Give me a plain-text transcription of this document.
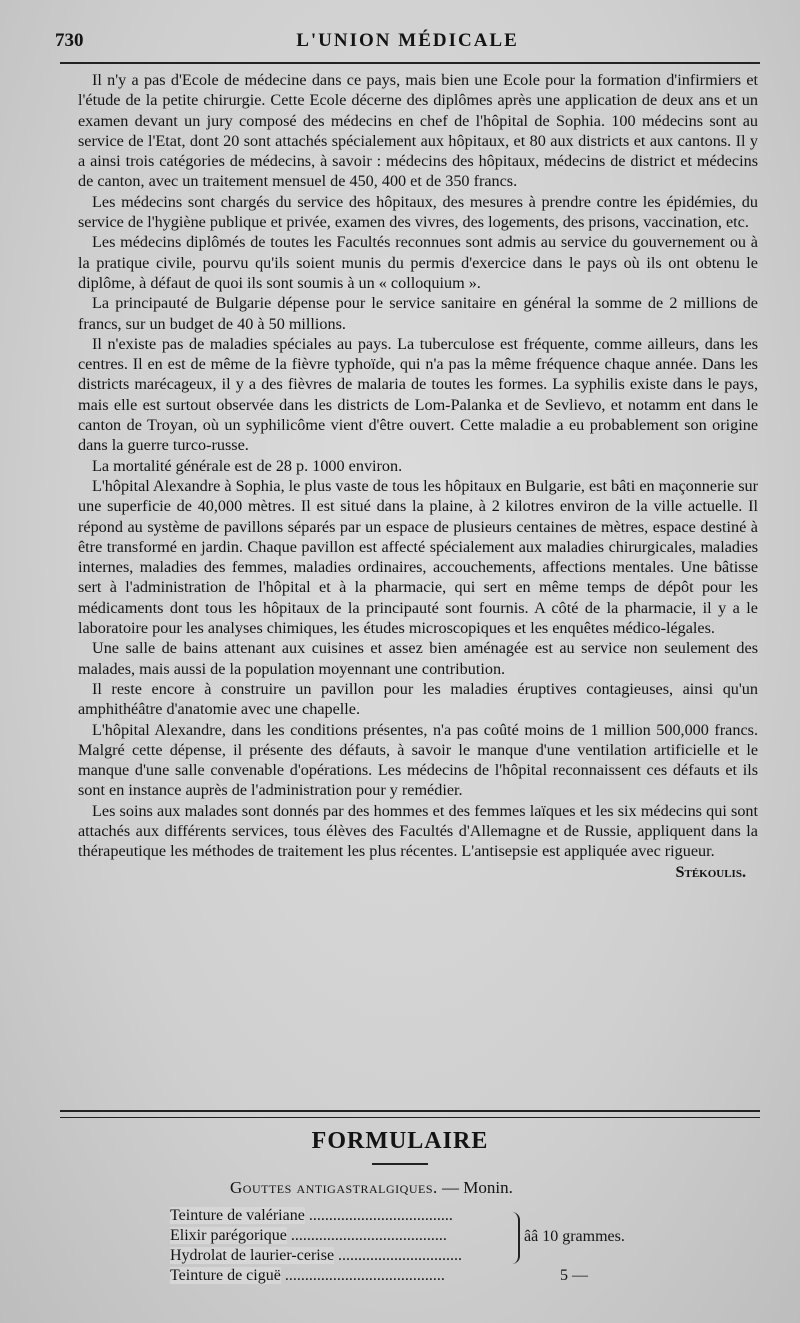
L'UNION MÉDICALE
730

Il n'y a pas d'Ecole de médecine dans ce pays, mais bien une Ecole pour la formation d'infirmiers et l'étude de la petite chirurgie. Cette Ecole décerne des diplômes après une application de deux ans et un examen devant un jury composé des médecins en chef de l'hôpital de Sophia. 100 médecins sont au service de l'Etat, dont 20 sont attachés spécialement aux hôpitaux, et 80 aux districts et aux cantons. Il y a ainsi trois catégories de médecins, à savoir : médecins des hôpitaux, médecins de district et médecins de canton, avec un traitement mensuel de 450, 400 et de 350 francs.

Les médecins sont chargés du service des hôpitaux, des mesures à prendre contre les épidémies, du service de l'hygiène publique et privée, examen des vivres, des logements, des prisons, vaccination, etc.

Les médecins diplômés de toutes les Facultés reconnues sont admis au service du gouvernement ou à la pratique civile, pourvu qu'ils soient munis du permis d'exercice dans le pays où ils ont obtenu le diplôme, à défaut de quoi ils sont soumis à un « colloquium ».

La principauté de Bulgarie dépense pour le service sanitaire en général la somme de 2 millions de francs, sur un budget de 40 à 50 millions.

Il n'existe pas de maladies spéciales au pays. La tuberculose est fréquente, comme ailleurs, dans les centres. Il en est de même de la fièvre typhoïde, qui n'a pas la même fréquence chaque année. Dans les districts marécageux, il y a des fièvres de malaria de toutes les formes. La syphilis existe dans le pays, mais elle est surtout observée dans les districts de Lom-Palanka et de Sevlievo, et notamm ent dans le canton de Troyan, où un syphilicôme vient d'être ouvert. Cette maladie a eu probablement son origine dans la guerre turco-russe.

La mortalité générale est de 28 p. 1000 environ.

L'hôpital Alexandre à Sophia, le plus vaste de tous les hôpitaux en Bulgarie, est bâti en maçonnerie sur une superficie de 40,000 mètres. Il est situé dans la plaine, à 2 kilotres environ de la ville actuelle. Il répond au système de pavillons séparés par un espace de plusieurs centaines de mètres, espace destiné à être transformé en jardin. Chaque pavillon est affecté spécialement aux maladies chirurgicales, maladies internes, maladies des femmes, maladies ordinaires, accouchements, affections mentales. Une bâtisse sert à l'administration de l'hôpital et à la pharmacie, qui sert en même temps de dépôt pour les médicaments dont tous les hôpitaux de la principauté sont fournis. A côté de la pharmacie, il y a le laboratoire pour les analyses chimiques, les études microscopiques et les enquêtes médico-légales.

Une salle de bains attenant aux cuisines et assez bien aménagée est au service non seulement des malades, mais aussi de la population moyennant une contribution.

Il reste encore à construire un pavillon pour les maladies éruptives contagieuses, ainsi qu'un amphithéâtre d'anatomie avec une chapelle.

L'hôpital Alexandre, dans les conditions présentes, n'a pas coûté moins de 1 million 500,000 francs. Malgré cette dépense, il présente des défauts, à savoir le manque d'une ventilation artificielle et le manque d'une salle convenable d'opérations. Les médecins de l'hôpital reconnaissent ces défauts et ils sont en instance auprès de l'administration pour y remédier.

Les soins aux malades sont donnés par des hommes et des femmes laïques et les six médecins qui sont attachés aux différents services, tous élèves des Facultés d'Allemagne et de Russie, appliquent dans la thérapeutique les méthodes de traitement les plus récentes. L'antisepsie est appliquée avec rigueur.
Stékoulis.

FORMULAIRE
Gouttes antigastralgiques. — Monin.
Teinture de valériane ....................................
Elixir parégorique .......................................
Hydrolat de laurier-cerise ...............................
Teinture de ciguë ........................................
ââ 10 grammes.
5 —
